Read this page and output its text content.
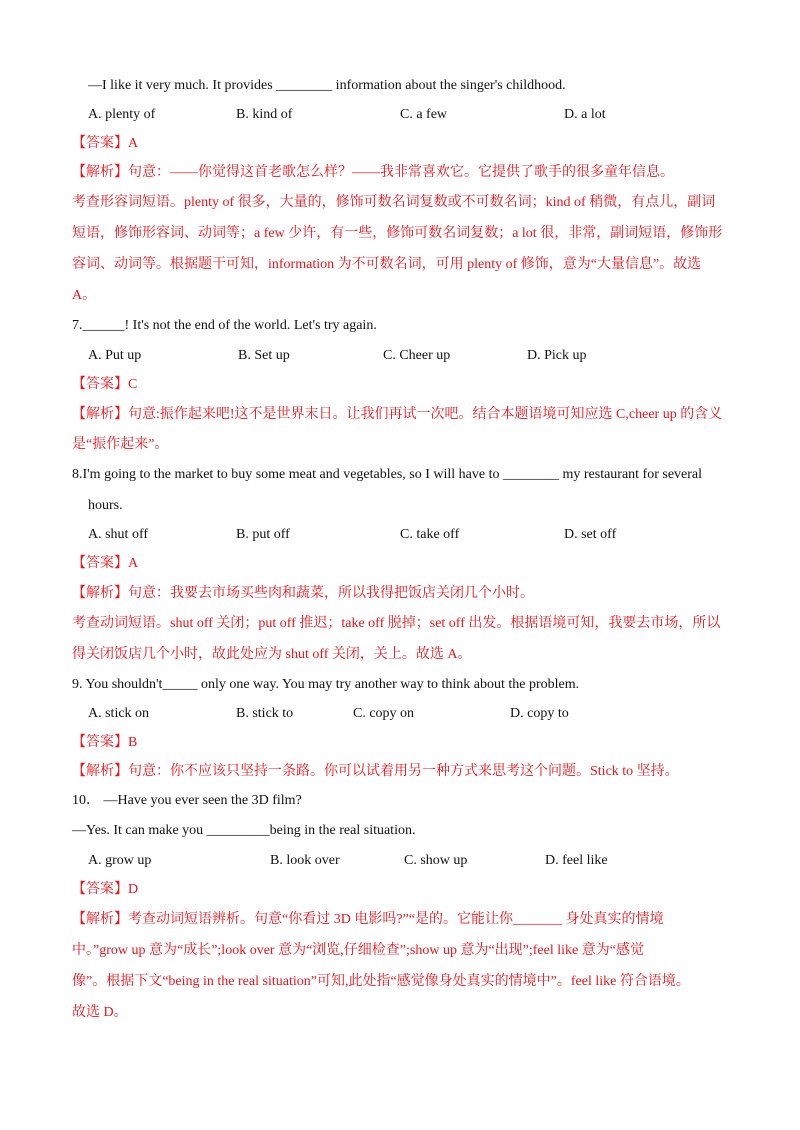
—I like it very much. It provides ________ information about the singer's childhood.
A. plenty of	B. kind of	C. a few	D. a lot
【答案】A
【解析】句意：——你觉得这首老歌怎么样？——我非常喜欢它。它提供了歌手的很多童年信息。
考查形容词短语。plenty of 很多，大量的，修饰可数名词复数或不可数名词；kind of 稍微，有点儿，副词
短语，修饰形容词、动词等；a few 少许，有一些，修饰可数名词复数；a lot 很，非常，副词短语，修饰形
容词、动词等。根据题干可知，information 为不可数名词，可用 plenty of 修饰，意为“大量信息”。故选
A。
7.______! It's not the end of the world. Let's try again.
A. Put up	B. Set up	C. Cheer up	D. Pick up
【答案】C
【解析】句意:振作起来吧!这不是世界末日。让我们再试一次吧。结合本题语境可知应选 C,cheer up 的含义
是“振作起来”。
8.I'm going to the market to buy some meat and vegetables, so I will have to ________ my restaurant for several
hours.
A. shut off	B. put off	C. take off	D. set off
【答案】A
【解析】句意：我要去市场买些肉和蔬菜，所以我得把饭店关闭几个小时。
考查动词短语。shut off 关闭；put off 推迟；take off 脱掉；set off 出发。根据语境可知，我要去市场，所以
得关闭饭店几个小时，故此处应为 shut off 关闭，关上。故选 A。
9. You shouldn't_____ only one way. You may try another way to think about the problem.
A. stick on	B. stick to	C. copy on	D. copy to
【答案】B
【解析】句意：你不应该只坚持一条路。你可以试着用另一种方式来思考这个问题。Stick to 坚持。
10． —Have you ever seen the 3D film?
—Yes. It can make you _________being in the real situation.
A. grow up	B. look over	C. show up	D. feel like
【答案】D
【解析】考查动词短语辨析。句意“你看过 3D 电影吗?”“是的。它能让你_______ 身处真实的情境
中。”grow up 意为“成长”;look over 意为“浏览,仔细检查”;show up 意为“出现”;feel like 意为“感觉
像”。根据下文“being in the real situation”可知,此处指“感觉像身处真实的情境中”。feel like 符合语境。
故选 D。
